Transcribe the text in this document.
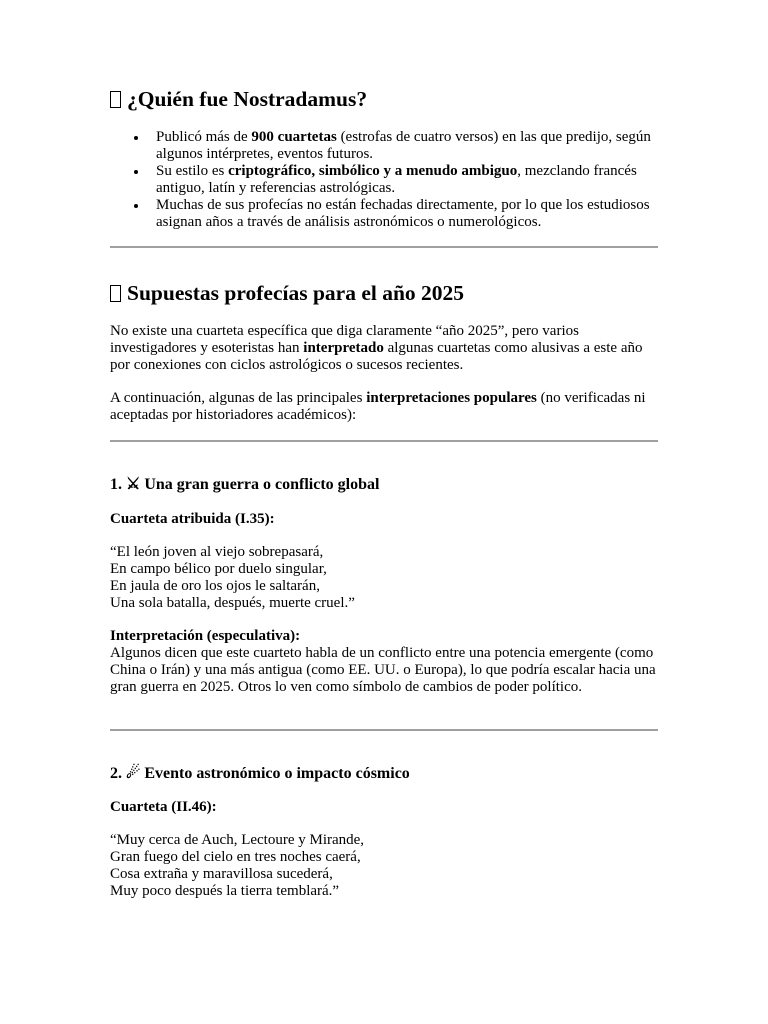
¿Quién fue Nostradamus?
Publicó más de 900 cuartetas (estrofas de cuatro versos) en las que predijo, según algunos intérpretes, eventos futuros.
Su estilo es criptográfico, simbólico y a menudo ambiguo, mezclando francés antiguo, latín y referencias astrológicas.
Muchas de sus profecías no están fechadas directamente, por lo que los estudiosos asignan años a través de análisis astronómicos o numerológicos.
Supuestas profecías para el año 2025

No existe una cuarteta específica que diga claramente “año 2025”, pero varios investigadores y esoteristas han interpretado algunas cuartetas como alusivas a este año por conexiones con ciclos astrológicos o sucesos recientes.

A continuación, algunas de las principales interpretaciones populares (no verificadas ni aceptadas por historiadores académicos):

1. ⚔ Una gran guerra o conflicto global

Cuarteta atribuida (I.35):

“El león joven al viejo sobrepasará,
En campo bélico por duelo singular,
En jaula de oro los ojos le saltarán,
Una sola batalla, después, muerte cruel.”

Interpretación (especulativa):
Algunos dicen que este cuarteto habla de un conflicto entre una potencia emergente (como China o Irán) y una más antigua (como EE. UU. o Europa), lo que podría escalar hacia una gran guerra en 2025. Otros lo ven como símbolo de cambios de poder político.

2. ☄ Evento astronómico o impacto cósmico

Cuarteta (II.46):

“Muy cerca de Auch, Lectoure y Mirande,
Gran fuego del cielo en tres noches caerá,
Cosa extraña y maravillosa sucederá,
Muy poco después la tierra temblará.”
